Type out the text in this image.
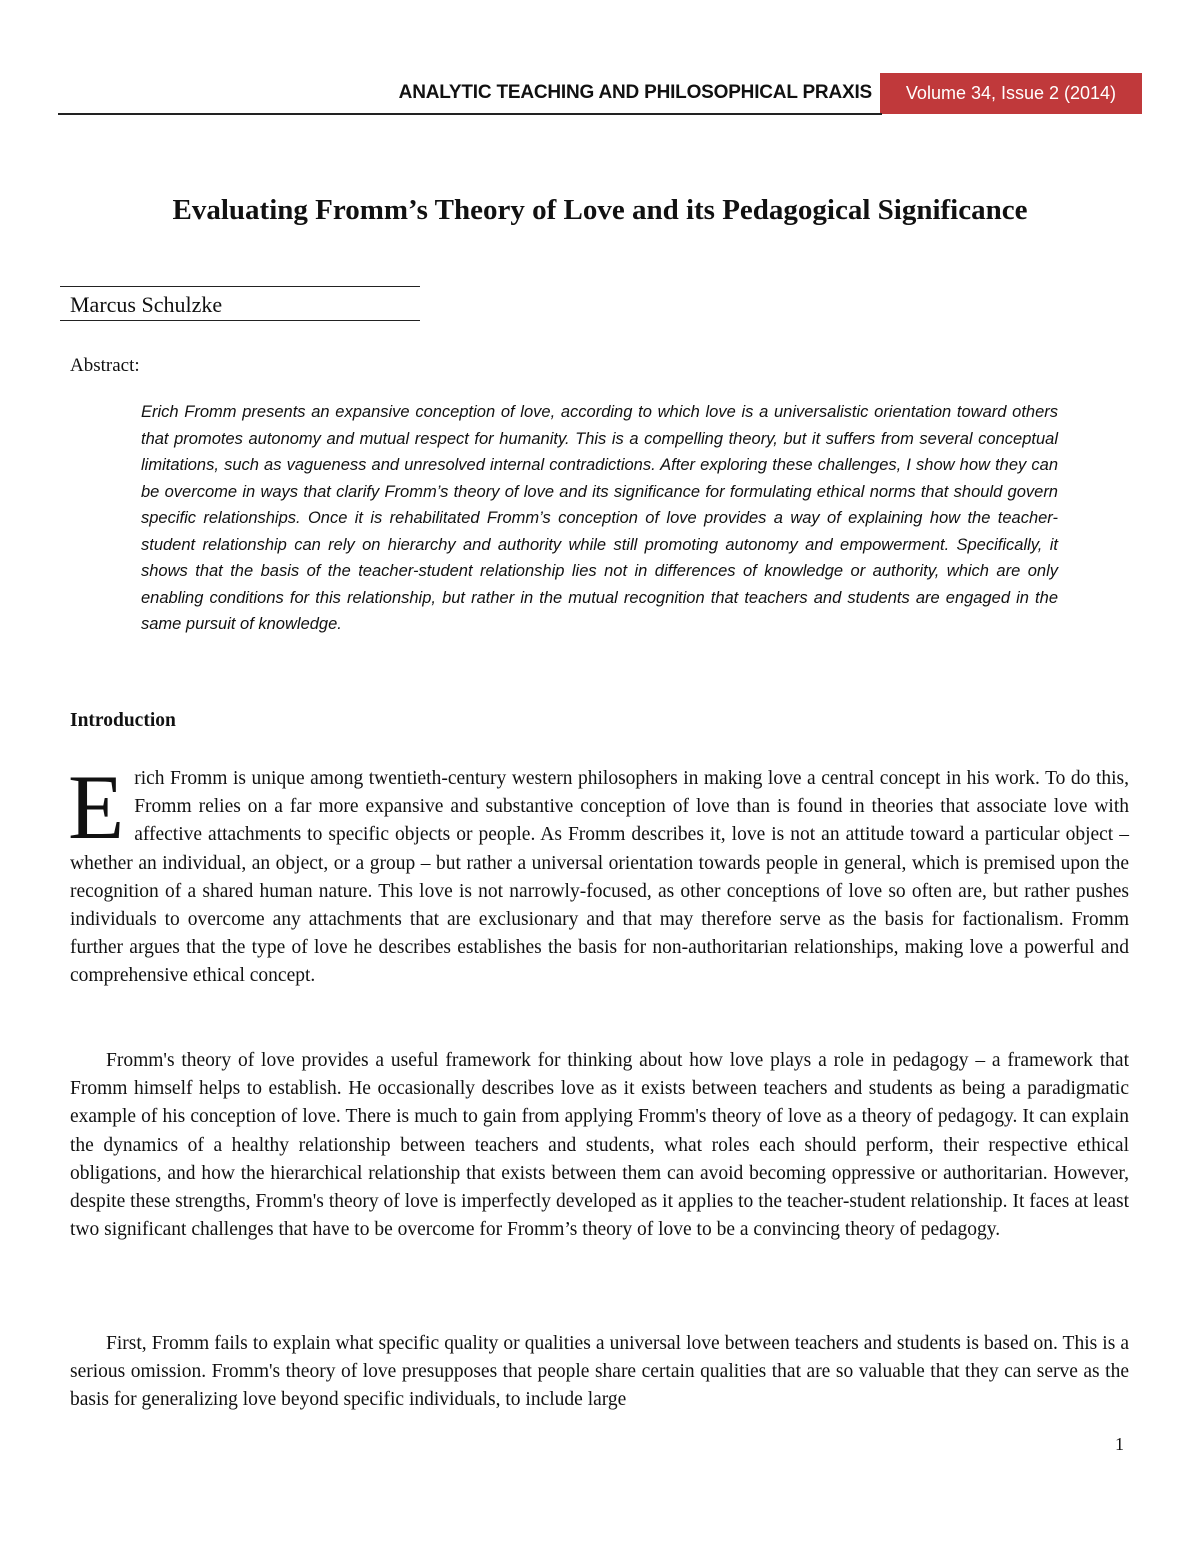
ANALYTIC TEACHING AND PHILOSOPHICAL PRAXIS	Volume 34, Issue 2 (2014)
Evaluating Fromm’s Theory of Love and its Pedagogical Significance
Marcus Schulzke
Abstract:

Erich Fromm presents an expansive conception of love, according to which love is a universalistic orientation toward others that promotes autonomy and mutual respect for humanity. This is a compelling theory, but it suffers from several conceptual limitations, such as vagueness and unresolved internal contradictions. After exploring these challenges, I show how they can be overcome in ways that clarify Fromm’s theory of love and its significance for formulating ethical norms that should govern specific relationships. Once it is rehabilitated Fromm’s conception of love provides a way of explaining how the teacher-student relationship can rely on hierarchy and authority while still promoting autonomy and empowerment. Specifically, it shows that the basis of the teacher-student relationship lies not in differences of knowledge or authority, which are only enabling conditions for this relationship, but rather in the mutual recognition that teachers and students are engaged in the same pursuit of knowledge.

Introduction

Erich Fromm is unique among twentieth-century western philosophers in making love a central concept in his work. To do this, Fromm relies on a far more expansive and substantive conception of love than is found in theories that associate love with affective attachments to specific objects or people. As Fromm describes it, love is not an attitude toward a particular object – whether an individual, an object, or a group – but rather a universal orientation towards people in general, which is premised upon the recognition of a shared human nature. This love is not narrowly-focused, as other conceptions of love so often are, but rather pushes individuals to overcome any attachments that are exclusionary and that may therefore serve as the basis for factionalism. Fromm further argues that the type of love he describes establishes the basis for non-authoritarian relationships, making love a powerful and comprehensive ethical concept.

Fromm's theory of love provides a useful framework for thinking about how love plays a role in pedagogy – a framework that Fromm himself helps to establish. He occasionally describes love as it exists between teachers and students as being a paradigmatic example of his conception of love. There is much to gain from applying Fromm's theory of love as a theory of pedagogy. It can explain the dynamics of a healthy relationship between teachers and students, what roles each should perform, their respective ethical obligations, and how the hierarchical relationship that exists between them can avoid becoming oppressive or authoritarian. However, despite these strengths, Fromm's theory of love is imperfectly developed as it applies to the teacher-student relationship. It faces at least two significant challenges that have to be overcome for Fromm’s theory of love to be a convincing theory of pedagogy.

First, Fromm fails to explain what specific quality or qualities a universal love between teachers and students is based on. This is a serious omission. Fromm's theory of love presupposes that people share certain qualities that are so valuable that they can serve as the basis for generalizing love beyond specific individuals, to include large

1
